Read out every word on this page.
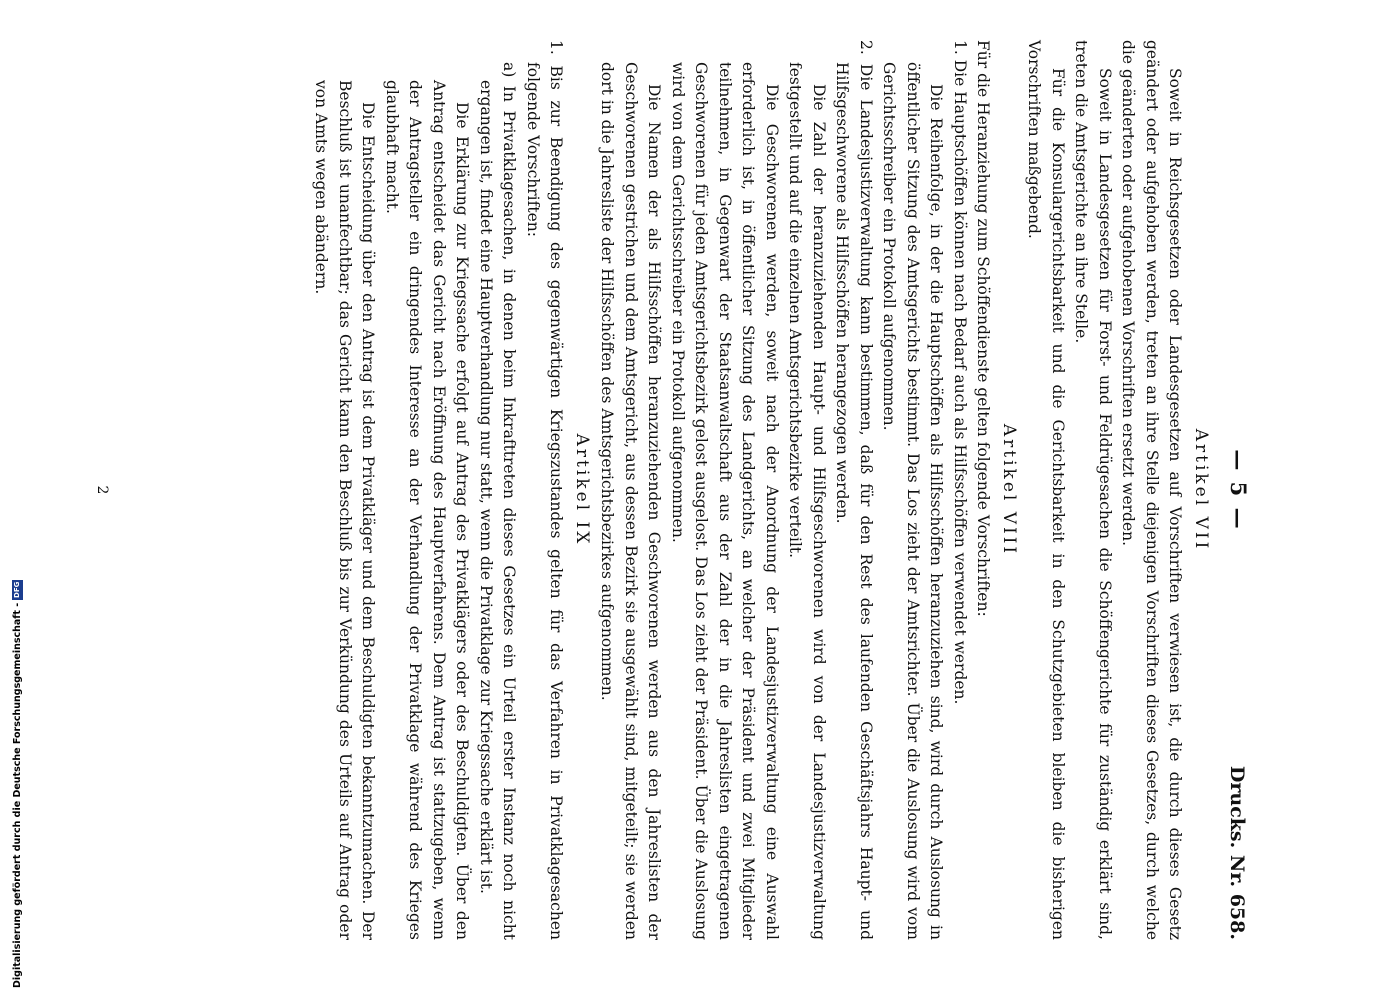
— 5 —
Drucks. Nr. 658.
Artikel VII

Soweit in Reichsgesetzen oder Landesgesetzen auf Vorschriften verwiesen ist, die durch dieses Gesetz geändert oder aufgehoben werden, treten an ihre Stelle diejenigen Vorschriften dieses Gesetzes, durch welche die geänderten oder aufgehobenen Vorschriften ersetzt werden.

Soweit in Landesgesetzen für Forst- und Feldrügesachen die Schöffengerichte für zuständig erklärt sind, treten die Amtsgerichte an ihre Stelle.

Für die Konsulargerichtsbarkeit und die Gerichtsbarkeit in den Schutzgebieten bleiben die bisherigen Vorschriften maßgebend.

Artikel VIII

Für die Heranziehung zum Schöffendienste gelten folgende Vorschriften:

1. Die Hauptschöffen können nach Bedarf auch als Hilfsschöffen verwendet werden.

Die Reihenfolge, in der die Hauptschöffen als Hilfsschöffen heranzuziehen sind, wird durch Auslosung in öffentlicher Sitzung des Amtsgerichts bestimmt. Das Los zieht der Amtsrichter. Über die Auslosung wird vom Gerichtsschreiber ein Protokoll aufgenommen.

2. Die Landesjustizverwaltung kann bestimmen, daß für den Rest des laufenden Geschäftsjahrs Haupt- und Hilfsgeschworene als Hilfsschöffen herangezogen werden.

Die Zahl der heranzuziehenden Haupt- und Hilfsgeschworenen wird von der Landesjustizverwaltung festgestellt und auf die einzelnen Amtsgerichtsbezirke verteilt.

Die Geschworenen werden, soweit nach der Anordnung der Landesjustizverwaltung eine Auswahl erforderlich ist, in öffentlicher Sitzung des Landgerichts, an welcher der Präsident und zwei Mitglieder teilnehmen, in Gegenwart der Staatsanwaltschaft aus der Zahl der in die Jahreslisten eingetragenen Geschworenen für jeden Amtsgerichtsbezirk gelost ausgelost. Das Los zieht der Präsident. Über die Auslosung wird von dem Gerichtsschreiber ein Protokoll aufgenommen.

Die Namen der als Hilfsschöffen heranzuziehenden Geschworenen werden aus den Jahreslisten der Geschworenen gestrichen und dem Amtsgericht, aus dessen Bezirk sie ausgewählt sind, mitgeteilt; sie werden dort in die Jahresliste der Hilfsschöffen des Amtsgerichtsbezirkes aufgenommen.

Artikel IX

1. Bis zur Beendigung des gegenwärtigen Kriegszustandes gelten für das Verfahren in Privatklagesachen folgende Vorschriften:

a) In Privatklagesachen, in denen beim Inkrafttreten dieses Gesetzes ein Urteil erster Instanz noch nicht ergangen ist, findet eine Hauptverhandlung nur statt, wenn die Privatklage zur Kriegssache erklärt ist.

Die Erklärung zur Kriegssache erfolgt auf Antrag des Privatklägers oder des Beschuldigten. Über den Antrag entscheidet das Gericht nach Eröffnung des Hauptverfahrens. Dem Antrag ist stattzugeben, wenn der Antragsteller ein dringendes Interesse an der Verhandlung der Privatklage während des Krieges glaubhaft macht.

Die Entscheidung über den Antrag ist dem Privatkläger und dem Beschuldigten bekanntzumachen. Der Beschluß ist unanfechtbar; das Gericht kann den Beschluß bis zur Verkündung des Urteils auf Antrag oder von Amts wegen abändern.

2
Digitalisierung gefördert durch die Deutsche Forschungsgemeinschaft -
DFG
